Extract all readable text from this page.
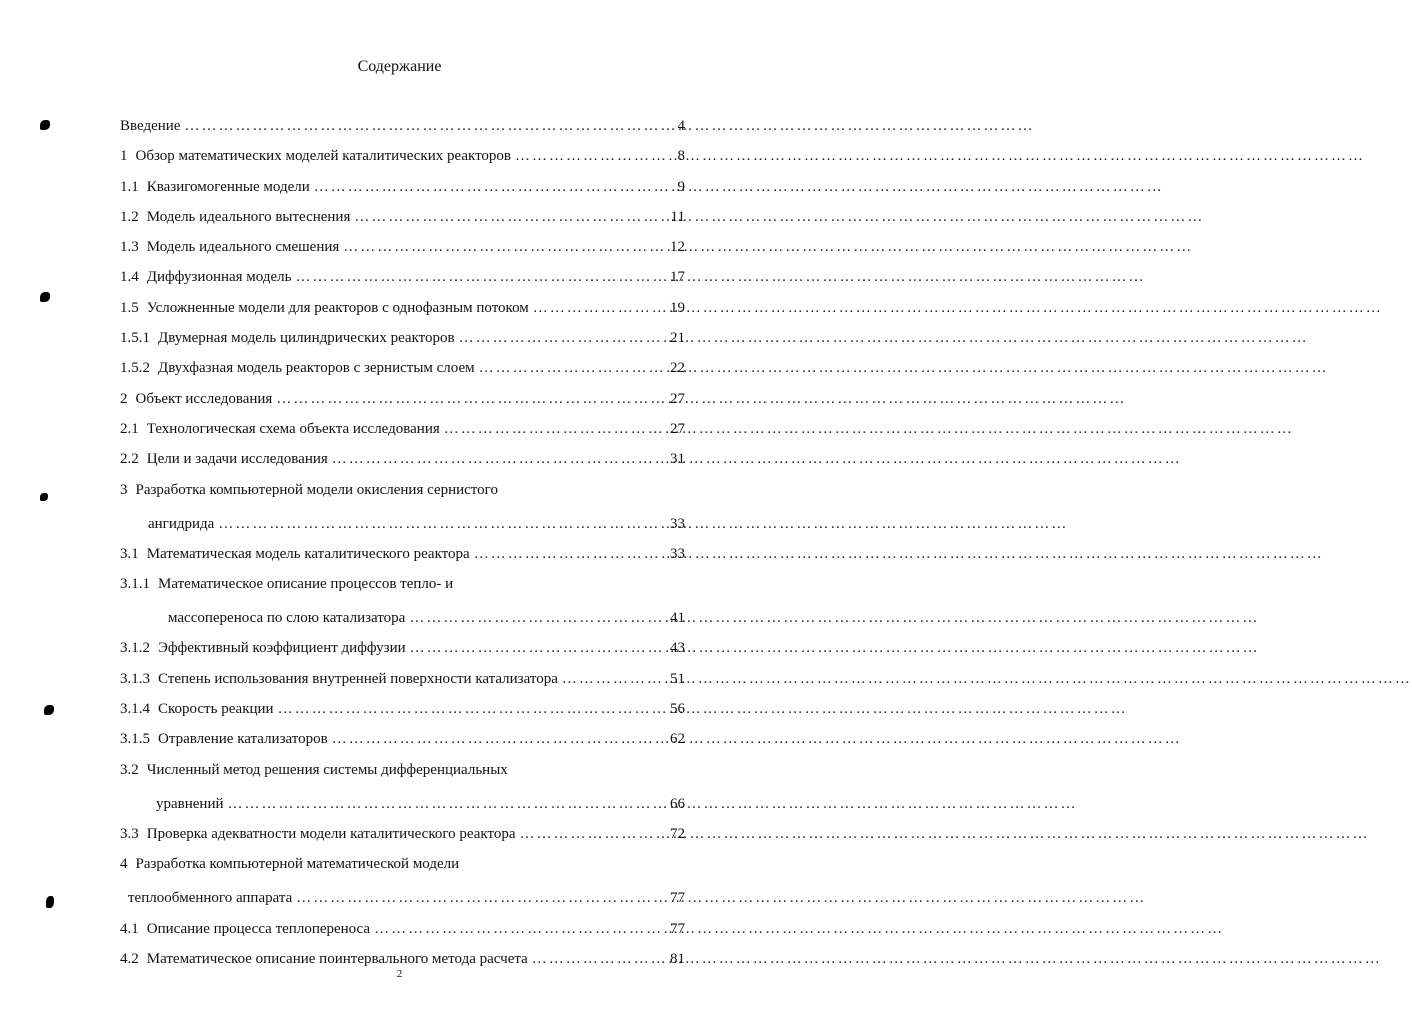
Содержание
Введение ……………………………………………………………………………………………………………………………………	4
1 Обзор математических моделей каталитических реакторов ……………………………………………………………………………………………………………………………………	8
1.1 Квазигомогенные модели ……………………………………………………………………………………………………………………………………	9
1.2 Модель идеального вытеснения ……………………………………………………………………………………………………………………………………	11
1.3 Модель идеального смешения ……………………………………………………………………………………………………………………………………	12
1.4 Диффузионная модель ……………………………………………………………………………………………………………………………………	17
1.5 Усложненные модели для реакторов с однофазным потоком ……………………………………………………………………………………………………………………………………	19
1.5.1 Двумерная модель цилиндрических реакторов ……………………………………………………………………………………………………………………………………	21
1.5.2 Двухфазная модель реакторов с зернистым слоем ……………………………………………………………………………………………………………………………………	22
2 Объект исследования ……………………………………………………………………………………………………………………………………	27
2.1 Технологическая схема объекта исследования ……………………………………………………………………………………………………………………………………	27
2.2 Цели и задачи исследования ……………………………………………………………………………………………………………………………………	31
3 Разработка компьютерной модели окисления сернистого
ангидрида ……………………………………………………………………………………………………………………………………	33
3.1 Математическая модель каталитического реактора ……………………………………………………………………………………………………………………………………	33
3.1.1 Математическое описание процессов тепло- и
массопереноса по слою катализатора ……………………………………………………………………………………………………………………………………	41
3.1.2 Эффективный коэффициент диффузии ……………………………………………………………………………………………………………………………………	43
3.1.3 Степень использования внутренней поверхности катализатора ……………………………………………………………………………………………………………………………………	51
3.1.4 Скорость реакции ……………………………………………………………………………………………………………………………………	56
3.1.5 Отравление катализаторов ……………………………………………………………………………………………………………………………………	62
3.2 Численный метод решения системы дифференциальных
уравнений ……………………………………………………………………………………………………………………………………	66
3.3 Проверка адекватности модели каталитического реактора ……………………………………………………………………………………………………………………………………	72
4 Разработка компьютерной математической модели
теплообменного аппарата ……………………………………………………………………………………………………………………………………	77
4.1 Описание процесса теплопереноса ……………………………………………………………………………………………………………………………………	77
4.2 Математическое описание поинтервального метода расчета ……………………………………………………………………………………………………………………………………	81
2
